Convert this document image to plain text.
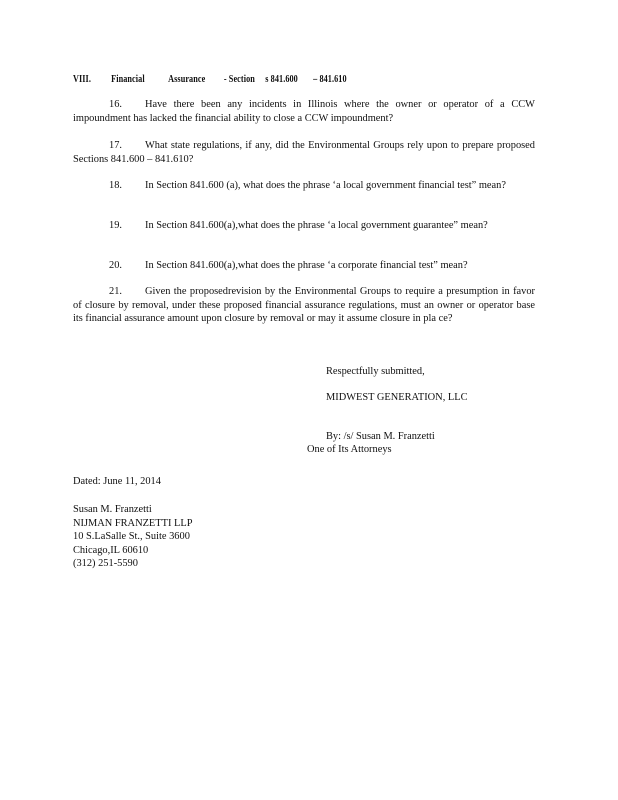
VIII. Financial Assurance - Section s 841.600 – 841.610
16. Have there been any incidents in Illinois where the owner or operator of a CCW impoundment has lacked the financial ability to close a CCW impoundment?
17. What state regulations, if any, did the Environmental Groups rely upon to prepare proposed Sections 841.600 – 841.610?
18. In Section 841.600 (a), what does the phrase ‘a local government financial test” mean?
19. In Section 841.600(a),what does the phrase ‘a local government guarantee” mean?
20. In Section 841.600(a),what does the phrase ‘a corporate financial test” mean?
21. Given the proposedrevision by the Environmental Groups to require a presumption in favor of closure by removal, under these proposed financial assurance regulations, must an owner or operator base its financial assurance amount upon closure by removal or may it assume closure in pla ce?
Respectfully submitted,
MIDWEST GENERATION, LLC
By: /s/ Susan M. Franzetti
One of Its Attorneys
Dated: June 11, 2014
Susan M. Franzetti
NIJMAN FRANZETTI LLP
10 S.LaSalle St., Suite 3600
Chicago,IL 60610
(312) 251-5590
